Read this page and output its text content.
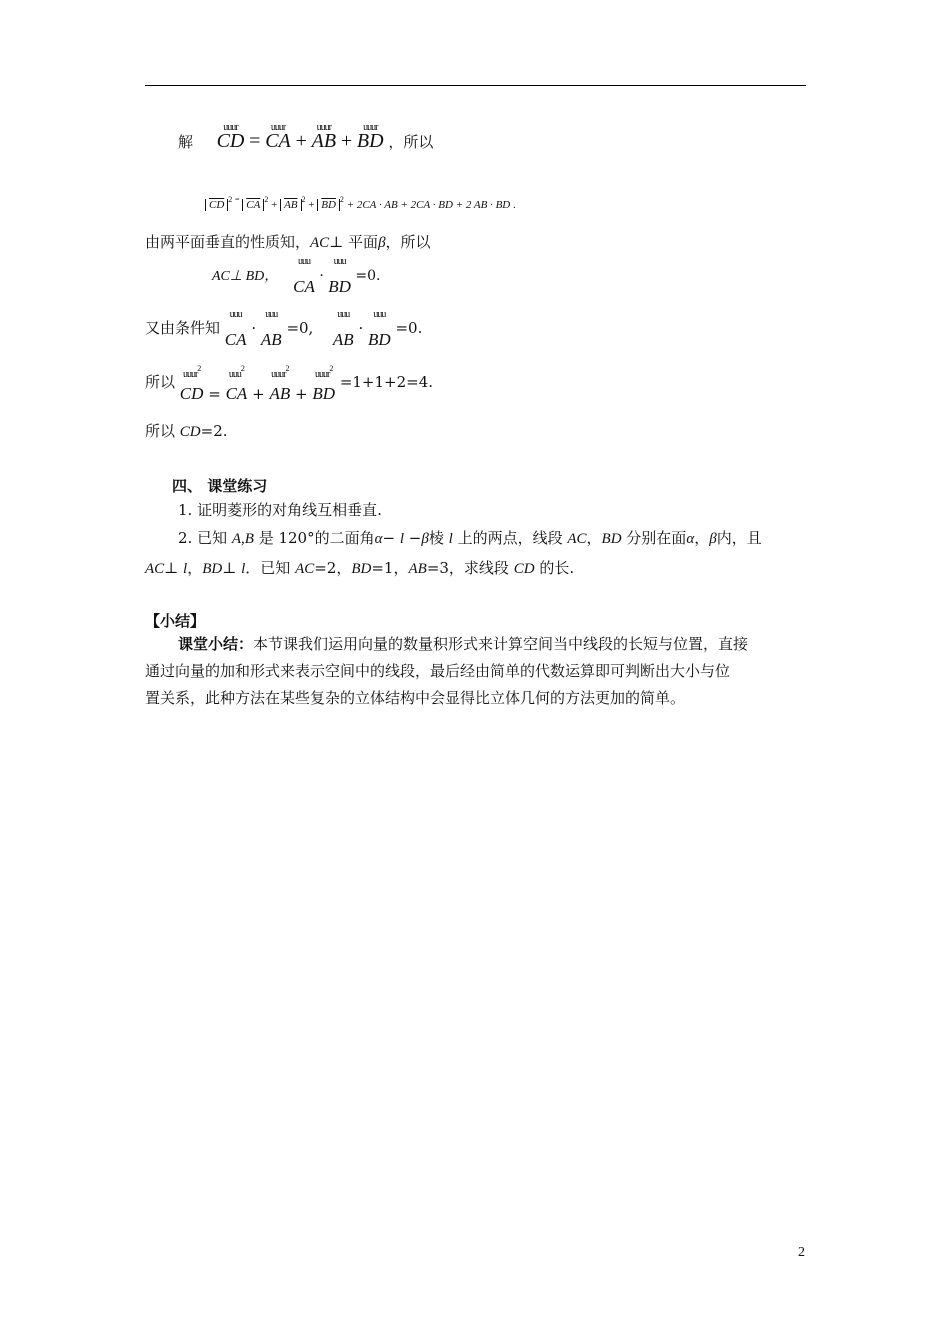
解
uuur
CD =
uuur
CA +
uuur
AB +
uuur
BD ，所以
$\overline{CD}$ $^2$ = $\overline{CA}$ $^2 + \overline{AB}$ $^2 + \overline{BD}$ $^2$ + 2CA · AB + 2CA · BD + 2 AB · BD .
由两平面垂直的性质知，AC⊥ 平面β，所以
AC⊥ BD，
uuu
CA ·
uuu
BD =0.
又由条件知
uuu
CA ·
uuu
AB =0,
uuu
AB ·
uuu
BD =0.
所以 uuur$^2$
CD =
uuu$^2$
CA +
uuur$^2$
AB +
uuur$^2$
BD =1+1+2=4.
所以 CD=2.
四、 课堂练习
1. 证明菱形的对角线互相垂直.
2. 已知 A,B 是 120°的二面角α− l −β棱 l 上的两点，线段 AC，BD 分别在面α，β内，且
AC⊥ l，BD⊥ l．已知 AC=2，BD=1，AB=3，求线段 CD 的长.
【小结】
课堂小结：本节课我们运用向量的数量积形式来计算空间当中线段的长短与位置，直接
通过向量的加和形式来表示空间中的线段，最后经由简单的代数运算即可判断出大小与位
置关系，此种方法在某些复杂的立体结构中会显得比立体几何的方法更加的简单。
2
